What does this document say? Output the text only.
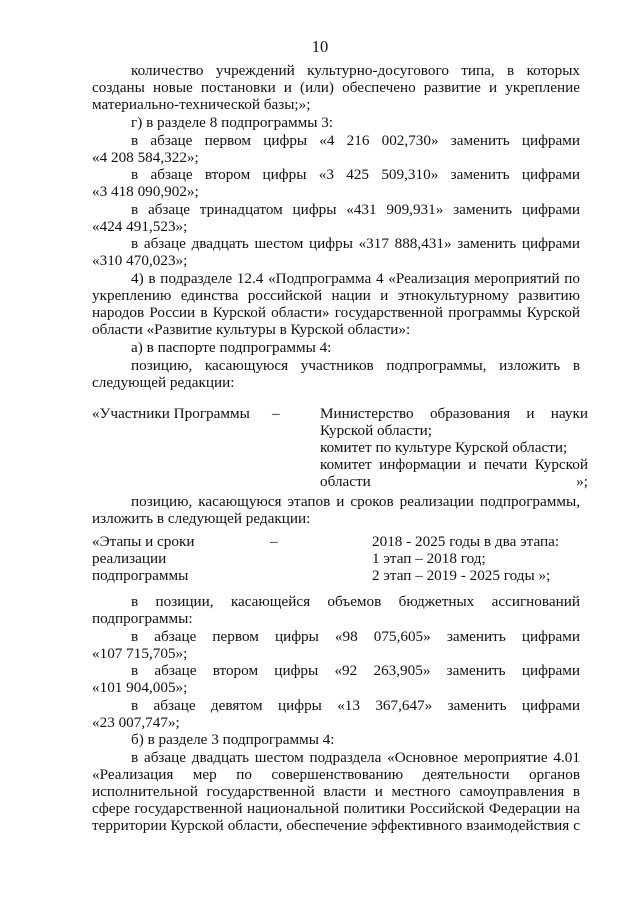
10
количество учреждений культурно-досугового типа, в которых
созданы новые постановки и (или) обеспечено развитие и укрепление
материально-технической базы;»;
г) в разделе 8 подпрограммы 3:
в абзаце первом цифры «4 216 002,730» заменить цифрами
«4 208 584,322»;
в абзаце втором цифры «3 425 509,310» заменить цифрами
«3 418 090,902»;
в абзаце тринадцатом цифры «431 909,931» заменить цифрами
«424 491,523»;
в абзаце двадцать шестом цифры «317 888,431» заменить цифрами
«310 470,023»;
4) в подразделе 12.4 «Подпрограмма 4 «Реализация мероприятий по
укреплению единства российской нации и этнокультурному развитию
народов России в Курской области» государственной программы Курской
области «Развитие культуры в Курской области»:
а) в паспорте подпрограммы 4:
позицию, касающуюся участников подпрограммы, изложить в
следующей редакции:
«Участники Программы –	Министерство образования и науки
Курской области;
комитет по культуре Курской области;
комитет информации и печати Курской
области	»;
позицию, касающуюся этапов и сроков реализации подпрограммы,
изложить в следующей редакции:
«Этапы и сроки
реализации
подпрограммы
–	2018 - 2025 годы в два этапа:
1 этап – 2018 год;
2 этап – 2019 - 2025 годы »;
в позиции, касающейся объемов бюджетных ассигнований
подпрограммы:
в абзаце первом цифры «98 075,605» заменить цифрами
«107 715,705»;
в абзаце втором цифры «92 263,905» заменить цифрами
«101 904,005»;
в абзаце девятом цифры «13 367,647» заменить цифрами
«23 007,747»;
б) в разделе 3 подпрограммы 4:
в абзаце двадцать шестом подраздела «Основное мероприятие 4.01
«Реализация мер по совершенствованию деятельности органов
исполнительной государственной власти и местного самоуправления в
сфере государственной национальной политики Российской Федерации на
территории Курской области, обеспечение эффективного взаимодействия с
